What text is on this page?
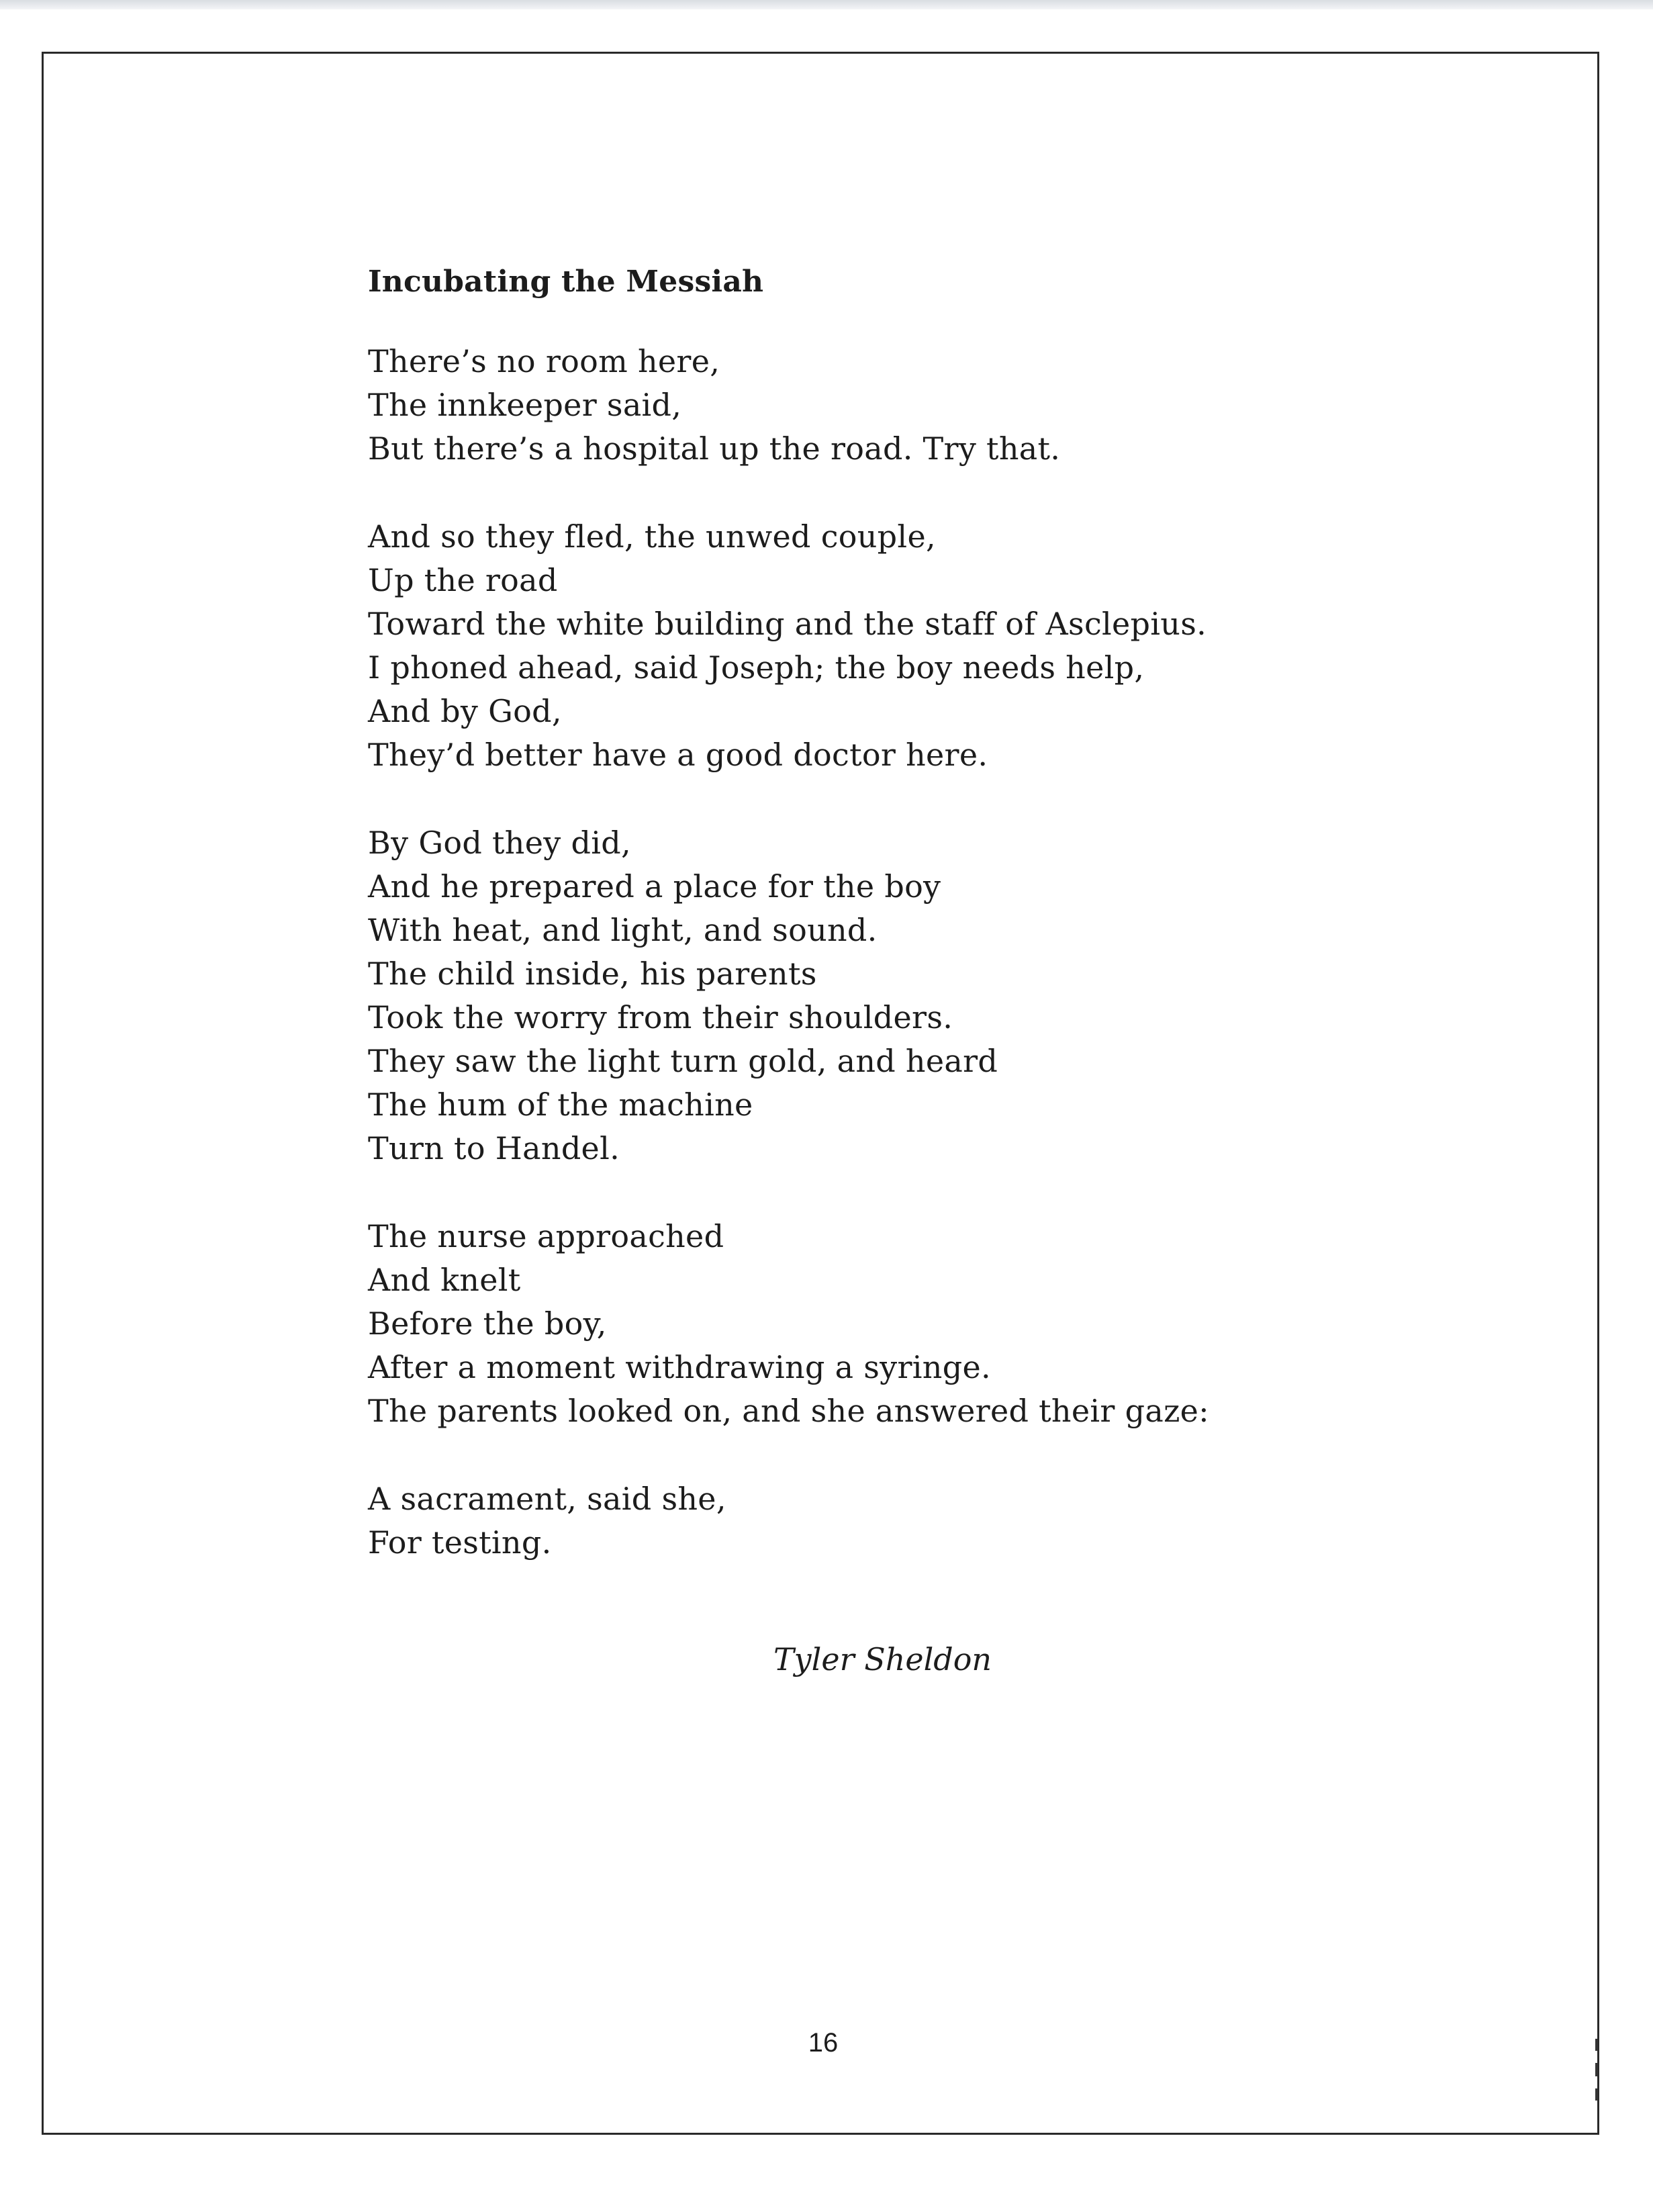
Incubating the Messiah
There’s no room here,
The innkeeper said,
But there’s a hospital up the road. Try that.
And so they fled, the unwed couple,
Up the road
Toward the white building and the staff of Asclepius.
I phoned ahead, said Joseph; the boy needs help,
And by God,
They’d better have a good doctor here.
By God they did,
And he prepared a place for the boy
With heat, and light, and sound.
The child inside, his parents
Took the worry from their shoulders.
They saw the light turn gold, and heard
The hum of the machine
Turn to Handel.
The nurse approached
And knelt
Before the boy,
After a moment withdrawing a syringe.
The parents looked on, and she answered their gaze:
A sacrament, said she,
For testing.
Tyler Sheldon
16
